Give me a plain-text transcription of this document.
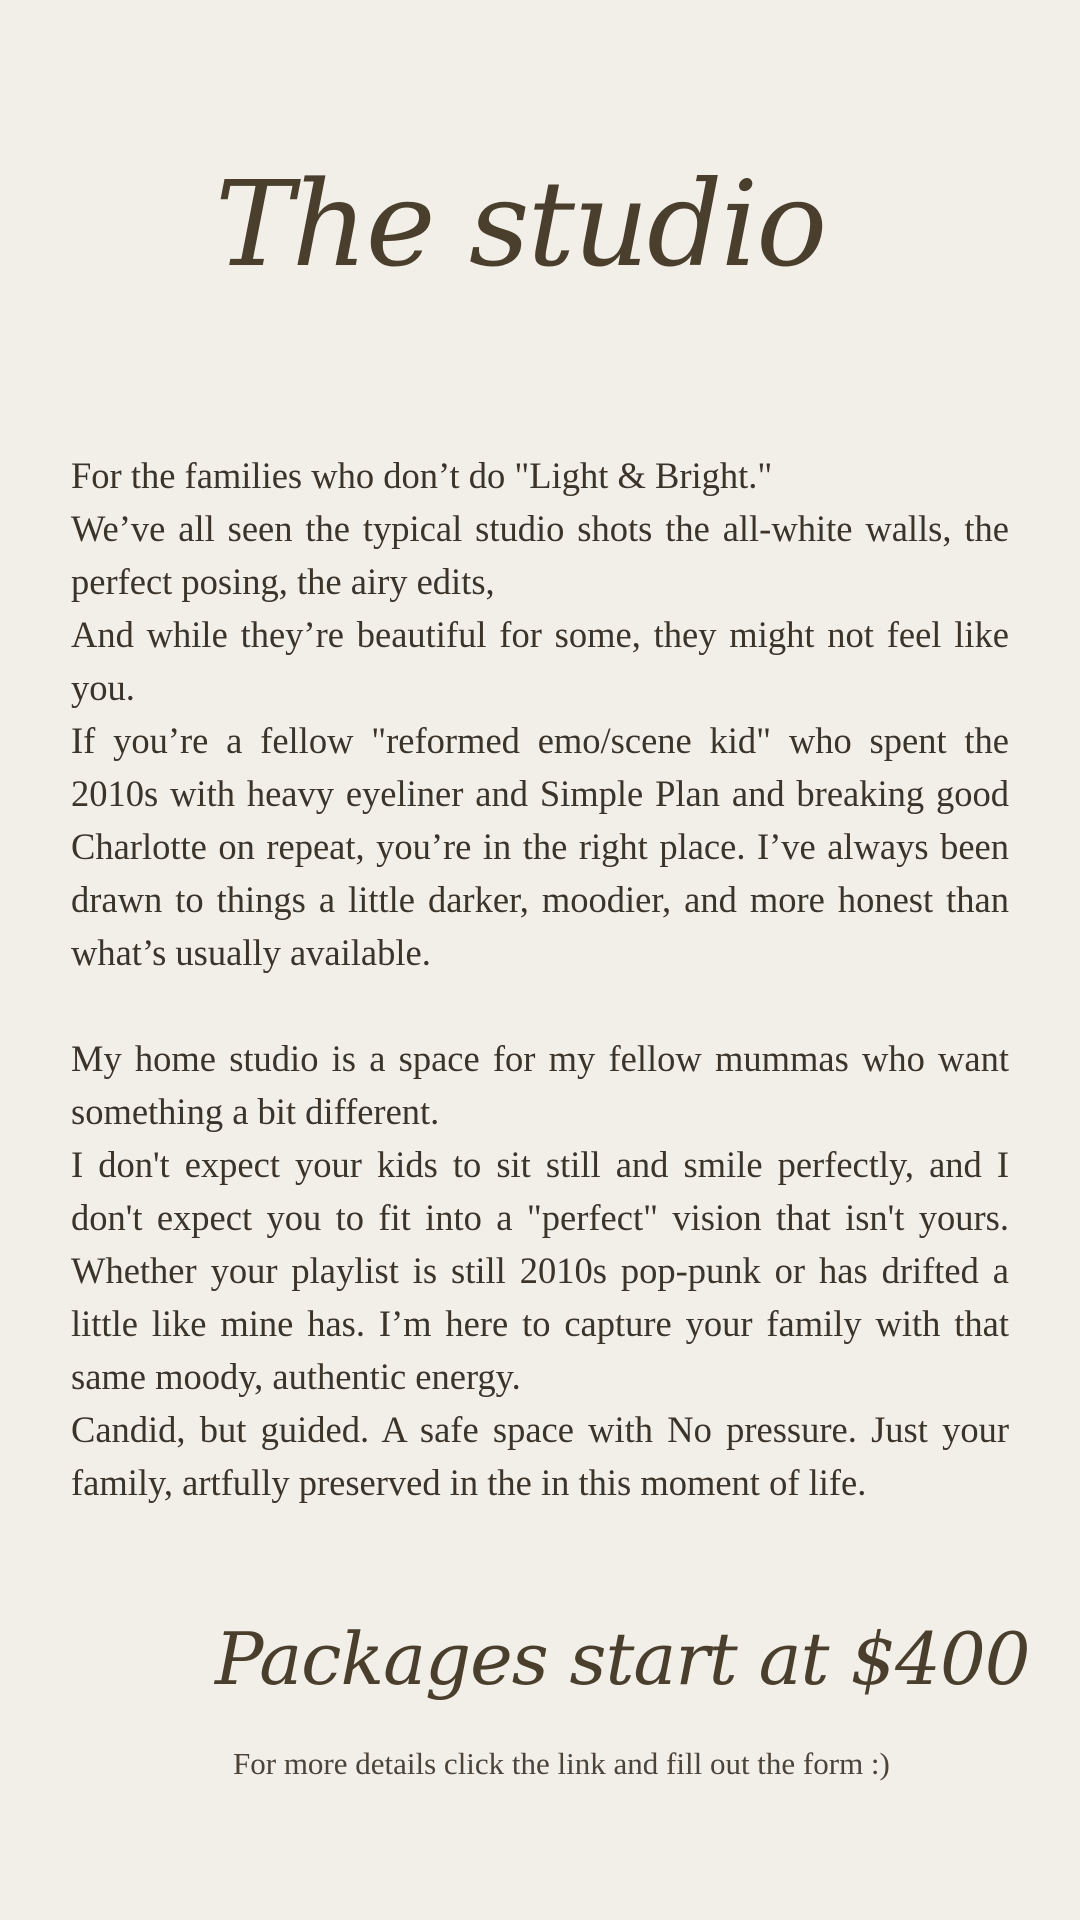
The studio

For the families who don’t do "Light & Bright."

We’ve all seen the typical studio shots the all-white walls, the perfect posing, the airy edits,

And while they’re beautiful for some, they might not feel like you.

If you’re a fellow "reformed emo/scene kid" who spent the 2010s with heavy eyeliner and Simple Plan and breaking good Charlotte on repeat, you’re in the right place. I’ve always been drawn to things a little darker, moodier, and more honest than what’s usually available.

My home studio is a space for my fellow mummas who want something a bit different.

I don't expect your kids to sit still and smile perfectly, and I don't expect you to fit into a "perfect" vision that isn't yours. Whether your playlist is still 2010s pop-punk or has drifted a little like mine has. I’m here to capture your family with that same moody, authentic energy.

Candid, but guided. A safe space with No pressure. Just your family, artfully preserved in the in this moment of life.

Packages start at $400
For more details click the link and fill out the form :)
